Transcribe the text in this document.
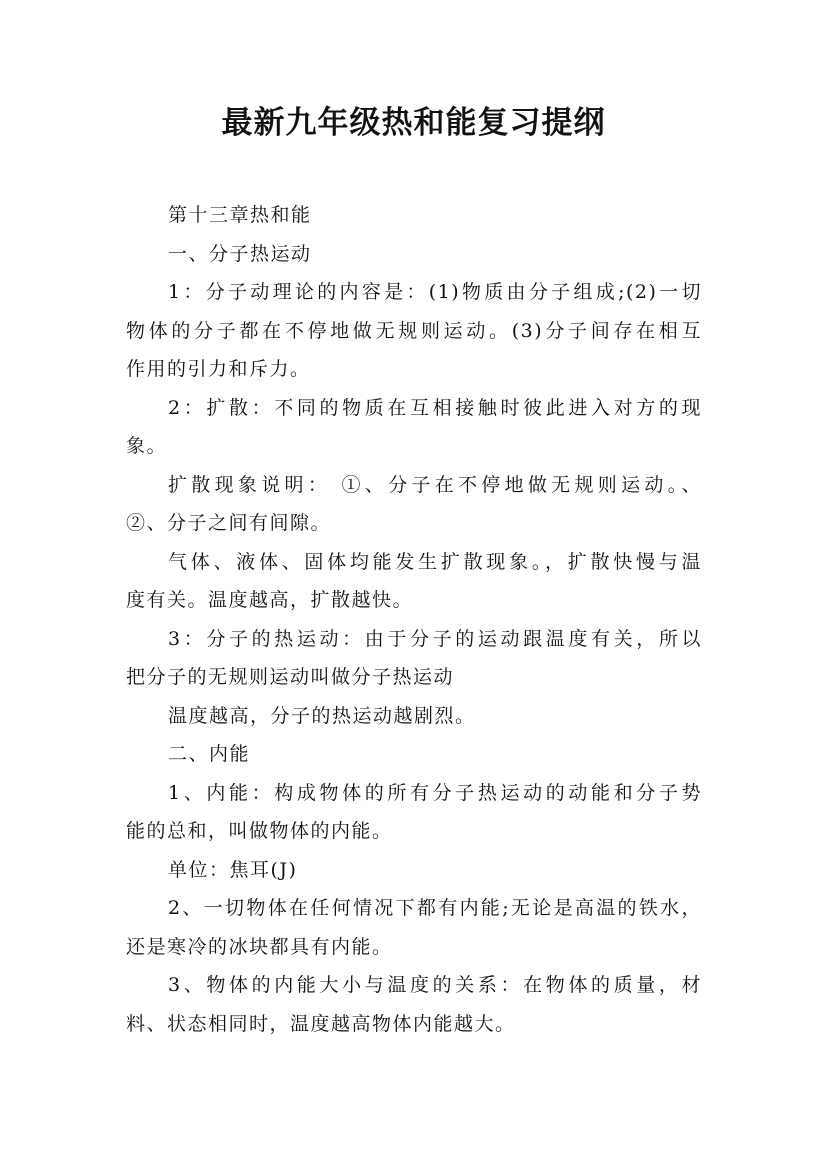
最新九年级热和能复习提纲
第十三章热和能
一、分子热运动
1：分子动理论的内容是：(1)物质由分子组成;(2)一切
物体的分子都在不停地做无规则运动。(3)分子间存在相互
作用的引力和斥力。
2：扩散：不同的物质在互相接触时彼此进入对方的现
象。
扩散现象说明： ①、分子在不停地做无规则运动。、
②、分子之间有间隙。
气体、液体、固体均能发生扩散现象。，扩散快慢与温
度有关。温度越高，扩散越快。
3：分子的热运动：由于分子的运动跟温度有关，所以
把分子的无规则运动叫做分子热运动
温度越高，分子的热运动越剧烈。
二、内能
1、内能：构成物体的所有分子热运动的动能和分子势
能的总和，叫做物体的内能。
单位：焦耳(J)
2、一切物体在任何情况下都有内能;无论是高温的铁水，
还是寒冷的冰块都具有内能。
3、物体的内能大小与温度的关系：在物体的质量，材
料、状态相同时，温度越高物体内能越大。
